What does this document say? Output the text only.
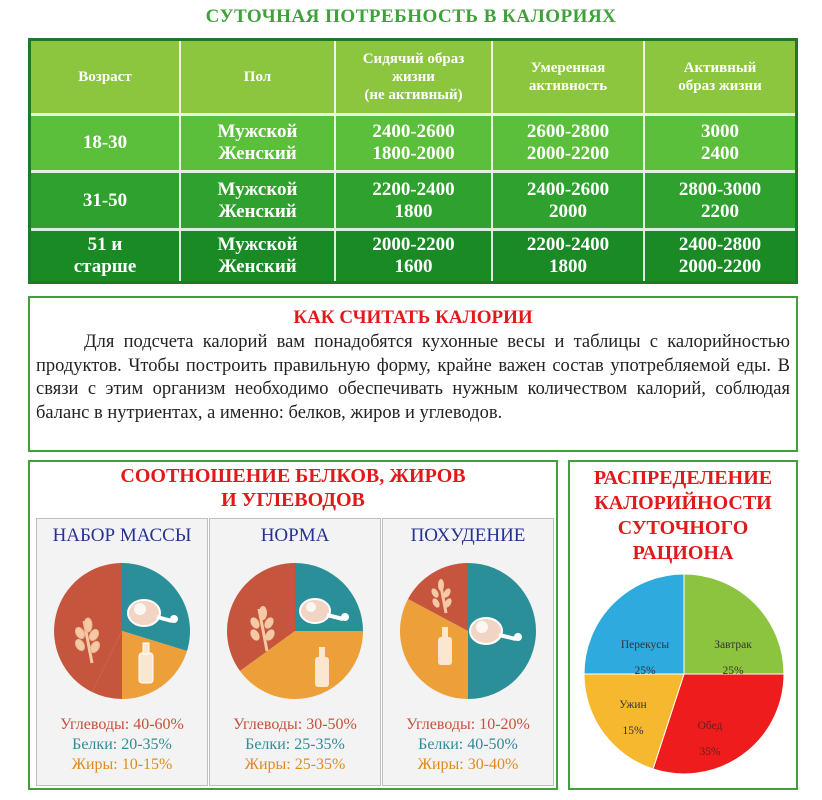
СУТОЧНАЯ ПОТРЕБНОСТЬ В КАЛОРИЯХ
Возраст	Пол
Сидячий образ
жизни
(не активный)
Умеренная
активность
Активный
образ жизни
18-30
Мужской
Женский
2400-2600
1800-2000
2600-2800
2000-2200
3000
2400
31-50
Мужской
Женский
2200-2400
1800
2400-2600
2000
2800-3000
2200
51 и
старше
Мужской
Женский
2000-2200
1600
2200-2400
1800
2400-2800
2000-2200
КАК СЧИТАТЬ КАЛОРИИ
Для подсчета калорий вам понадобятся кухонные весы и таблицы с калорийностью продуктов. Чтобы построить правильную форму, крайне важен состав употребляемой еды. В связи с этим организм необходимо обеспечивать нужным количеством калорий, соблюдая баланс в нутриентах, а именно: белков, жиров и углеводов.
СООТНОШЕНИЕ БЕЛКОВ, ЖИРОВ
И УГЛЕВОДОВ
НАБОР МАССЫ
Углеводы: 40-60%
Белки: 20-35%
Жиры: 10-15%
НОРМА
Углеводы: 30-50%
Белки: 25-35%
Жиры: 25-35%
ПОХУДЕНИЕ
Углеводы: 10-20%
Белки: 40-50%
Жиры: 30-40%
РАСПРЕДЕЛЕНИЕ
КАЛОРИЙНОСТИ
СУТОЧНОГО
РАЦИОНА

Завтрак

25%

Обед

35%

Ужин

15%

Перекусы

25%
